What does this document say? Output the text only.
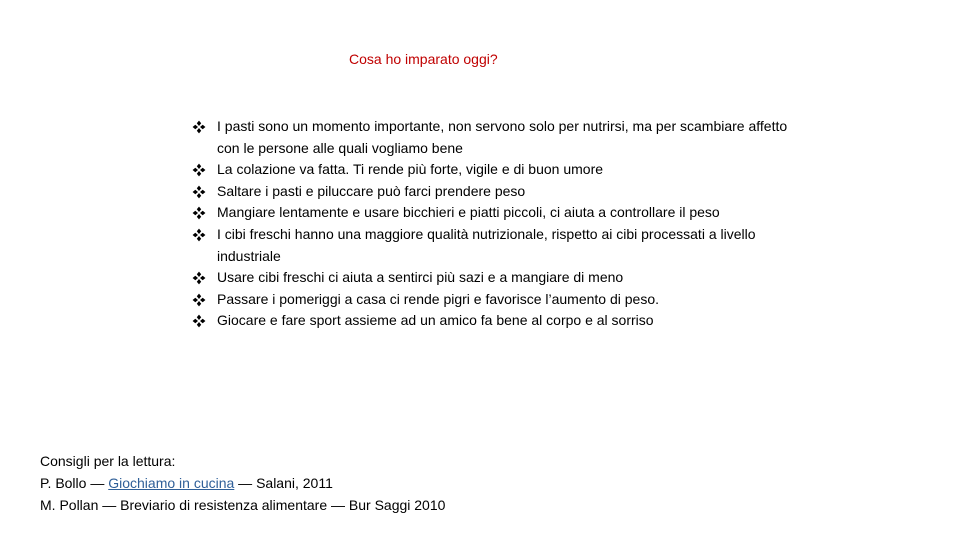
Cosa ho imparato oggi?
I pasti sono un momento importante, non servono solo per nutrirsi, ma per scambiare affetto con le persone alle quali vogliamo bene
La colazione va fatta. Ti rende più forte, vigile e di buon umore
Saltare i pasti e piluccare può farci prendere peso
Mangiare lentamente e usare bicchieri e piatti piccoli, ci aiuta a controllare il peso
I cibi freschi hanno una maggiore qualità nutrizionale, rispetto ai cibi processati a livello industriale
Usare cibi freschi ci aiuta a sentirci più sazi e a mangiare di meno
Passare i pomeriggi a casa ci rende pigri e favorisce l’aumento di peso.
Giocare e fare sport assieme ad un amico fa bene al corpo e al sorriso
Consigli per la lettura:
P. Bollo — Giochiamo in cucina — Salani, 2011
M. Pollan — Breviario di resistenza alimentare — Bur Saggi 2010
